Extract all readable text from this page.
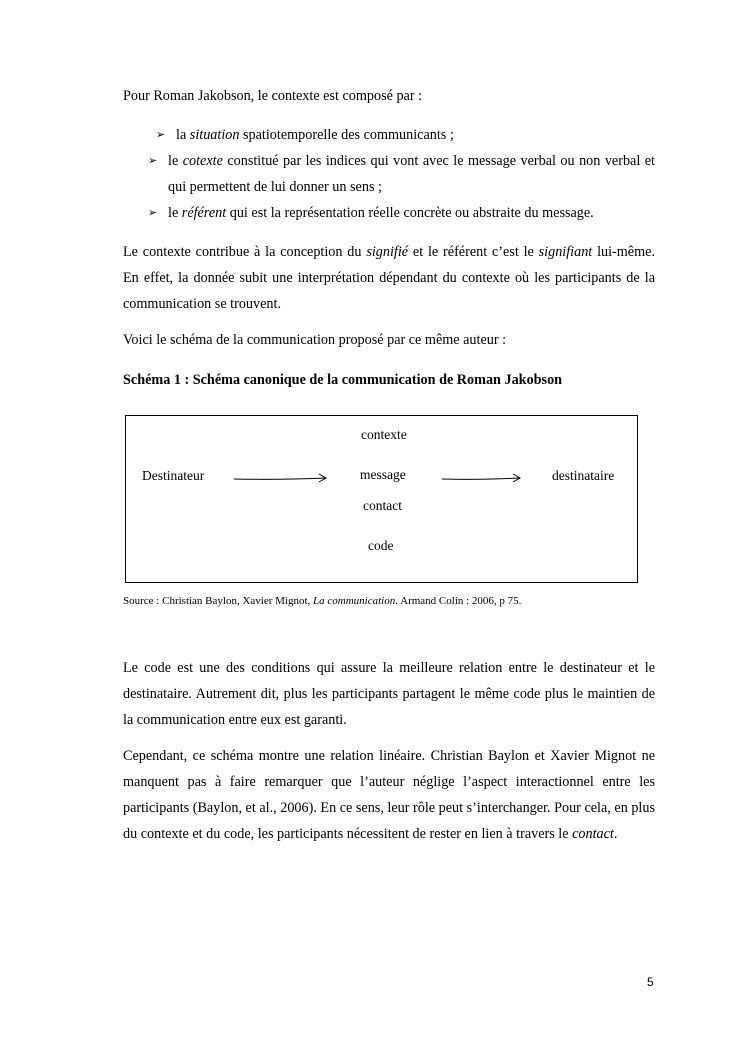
Pour Roman Jakobson, le contexte est composé par :
➢ la situation spatiotemporelle des communicants ;
➢ le cotexte constitué par les indices qui vont avec le message verbal ou non verbal et qui permettent de lui donner un sens ;
➢ le référent qui est la représentation réelle concrète ou abstraite du message.
Le contexte contribue à la conception du signifié et le référent c’est le signifiant lui-même. En effet, la donnée subit une interprétation dépendant du contexte où les participants de la communication se trouvent.
Voici le schéma de la communication proposé par ce même auteur :
Schéma 1 : Schéma canonique de la communication de Roman Jakobson
Destinateur
contexte
message
contact
code
destinataire
Source : Christian Baylon, Xavier Mignot, La communication. Armand Colin : 2006, p 75.
Le code est une des conditions qui assure la meilleure relation entre le destinateur et le destinataire. Autrement dit, plus les participants partagent le même code plus le maintien de la communication entre eux est garanti.
Cependant, ce schéma montre une relation linéaire. Christian Baylon et Xavier Mignot ne manquent pas à faire remarquer que l’auteur néglige l’aspect interactionnel entre les participants (Baylon, et al., 2006). En ce sens, leur rôle peut s’interchanger. Pour cela, en plus du contexte et du code, les participants nécessitent de rester en lien à travers le contact.
5
